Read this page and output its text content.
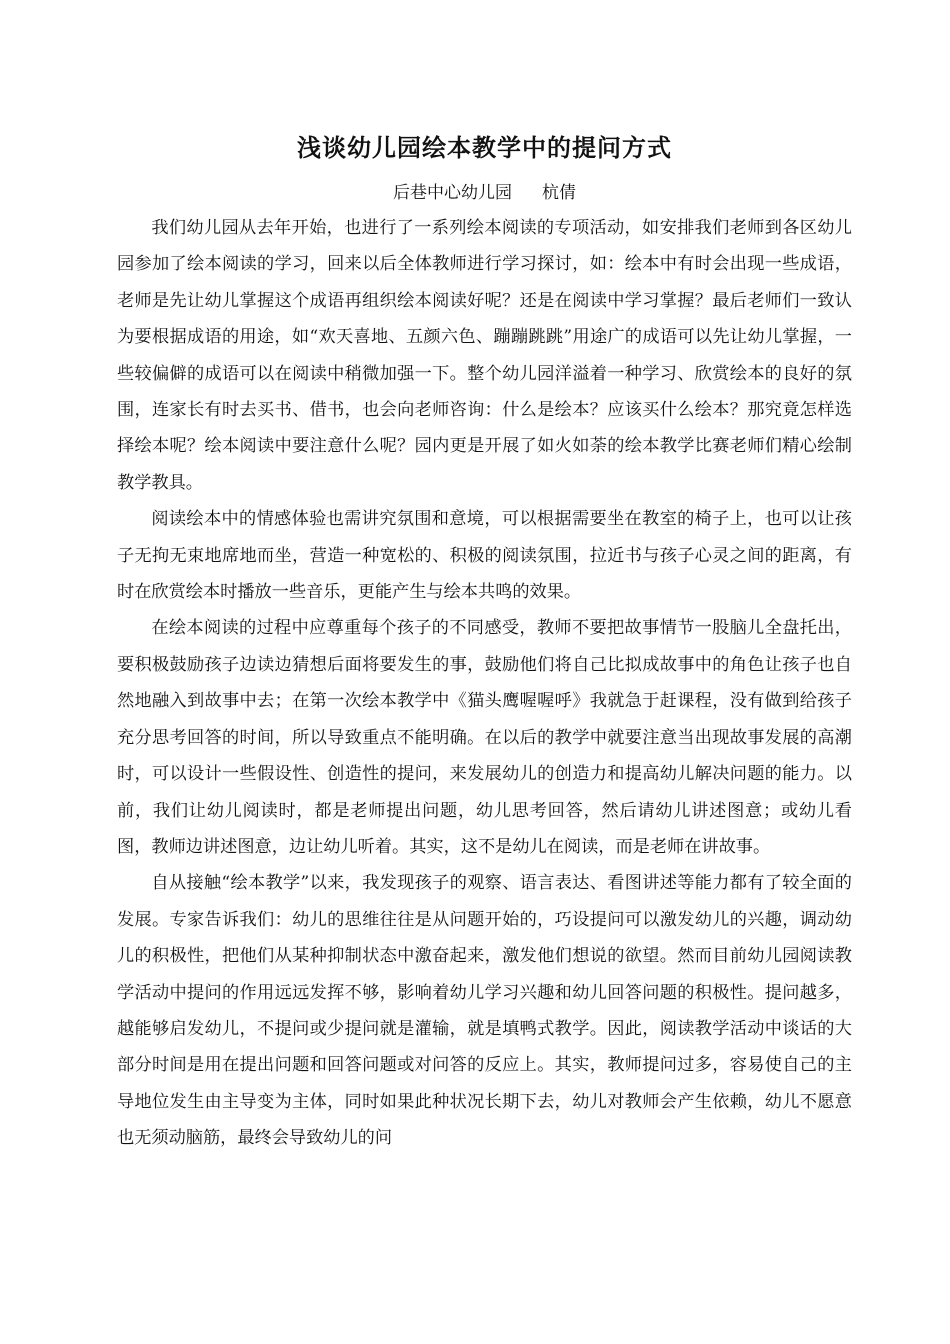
浅谈幼儿园绘本教学中的提问方式
后巷中心幼儿园 杭倩

我们幼儿园从去年开始，也进行了一系列绘本阅读的专项活动，如安排我们老师到各区幼儿园参加了绘本阅读的学习，回来以后全体教师进行学习探讨，如：绘本中有时会出现一些成语，老师是先让幼儿掌握这个成语再组织绘本阅读好呢？还是在阅读中学习掌握？最后老师们一致认为要根据成语的用途，如“欢天喜地、五颜六色、蹦蹦跳跳”用途广的成语可以先让幼儿掌握，一些较偏僻的成语可以在阅读中稍微加强一下。整个幼儿园洋溢着一种学习、欣赏绘本的良好的氛围，连家长有时去买书、借书，也会向老师咨询：什么是绘本？应该买什么绘本？那究竟怎样选择绘本呢？绘本阅读中要注意什么呢？园内更是开展了如火如荼的绘本教学比赛老师们精心绘制教学教具。

阅读绘本中的情感体验也需讲究氛围和意境，可以根据需要坐在教室的椅子上，也可以让孩子无拘无束地席地而坐，营造一种宽松的、积极的阅读氛围，拉近书与孩子心灵之间的距离，有时在欣赏绘本时播放一些音乐，更能产生与绘本共鸣的效果。

在绘本阅读的过程中应尊重每个孩子的不同感受，教师不要把故事情节一股脑儿全盘托出，要积极鼓励孩子边读边猜想后面将要发生的事，鼓励他们将自己比拟成故事中的角色让孩子也自然地融入到故事中去；在第一次绘本教学中《猫头鹰喔喔呼》我就急于赶课程，没有做到给孩子充分思考回答的时间，所以导致重点不能明确。在以后的教学中就要注意当出现故事发展的高潮时，可以设计一些假设性、创造性的提问，来发展幼儿的创造力和提高幼儿解决问题的能力。以前，我们让幼儿阅读时，都是老师提出问题，幼儿思考回答，然后请幼儿讲述图意；或幼儿看图，教师边讲述图意，边让幼儿听着。其实，这不是幼儿在阅读，而是老师在讲故事。

自从接触“绘本教学”以来，我发现孩子的观察、语言表达、看图讲述等能力都有了较全面的发展。专家告诉我们：幼儿的思维往往是从问题开始的，巧设提问可以激发幼儿的兴趣，调动幼儿的积极性，把他们从某种抑制状态中激奋起来，激发他们想说的欲望。然而目前幼儿园阅读教学活动中提问的作用远远发挥不够，影响着幼儿学习兴趣和幼儿回答问题的积极性。提问越多，越能够启发幼儿，不提问或少提问就是灌输，就是填鸭式教学。因此，阅读教学活动中谈话的大部分时间是用在提出问题和回答问题或对问答的反应上。其实，教师提问过多，容易使自己的主导地位发生由主导变为主体，同时如果此种状况长期下去，幼儿对教师会产生依赖，幼儿不愿意也无须动脑筋，最终会导致幼儿的问
